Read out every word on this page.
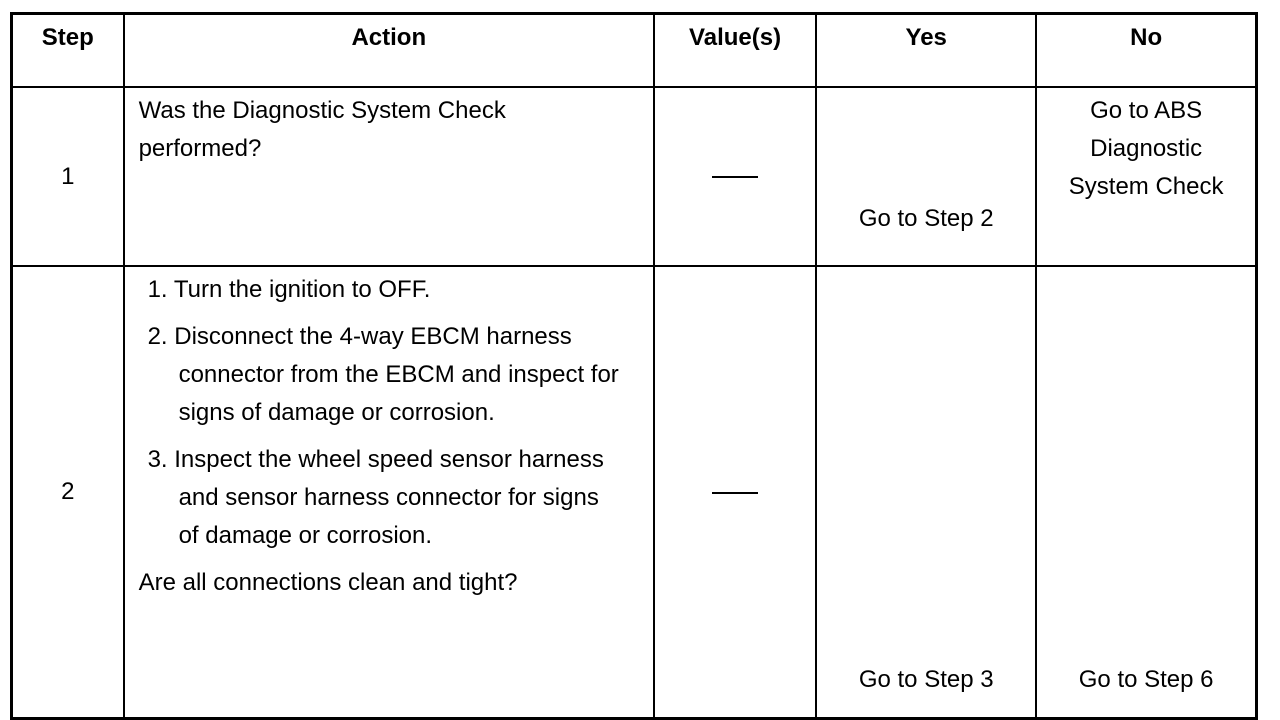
Step	Action	Value(s)	Yes	No
1	Was the Diagnostic System Check performed?		Go to Step 2	Go to ABS Diagnostic System Check

2	1. Turn the ignition to OFF.
2. Disconnect the 4-way EBCM harness connector from the EBCM and inspect for signs of damage or corrosion.
3. Inspect the wheel speed sensor harness and sensor harness connector for signs of damage or corrosion.
Are all connections clean and tight?		Go to Step 3	Go to Step 6
